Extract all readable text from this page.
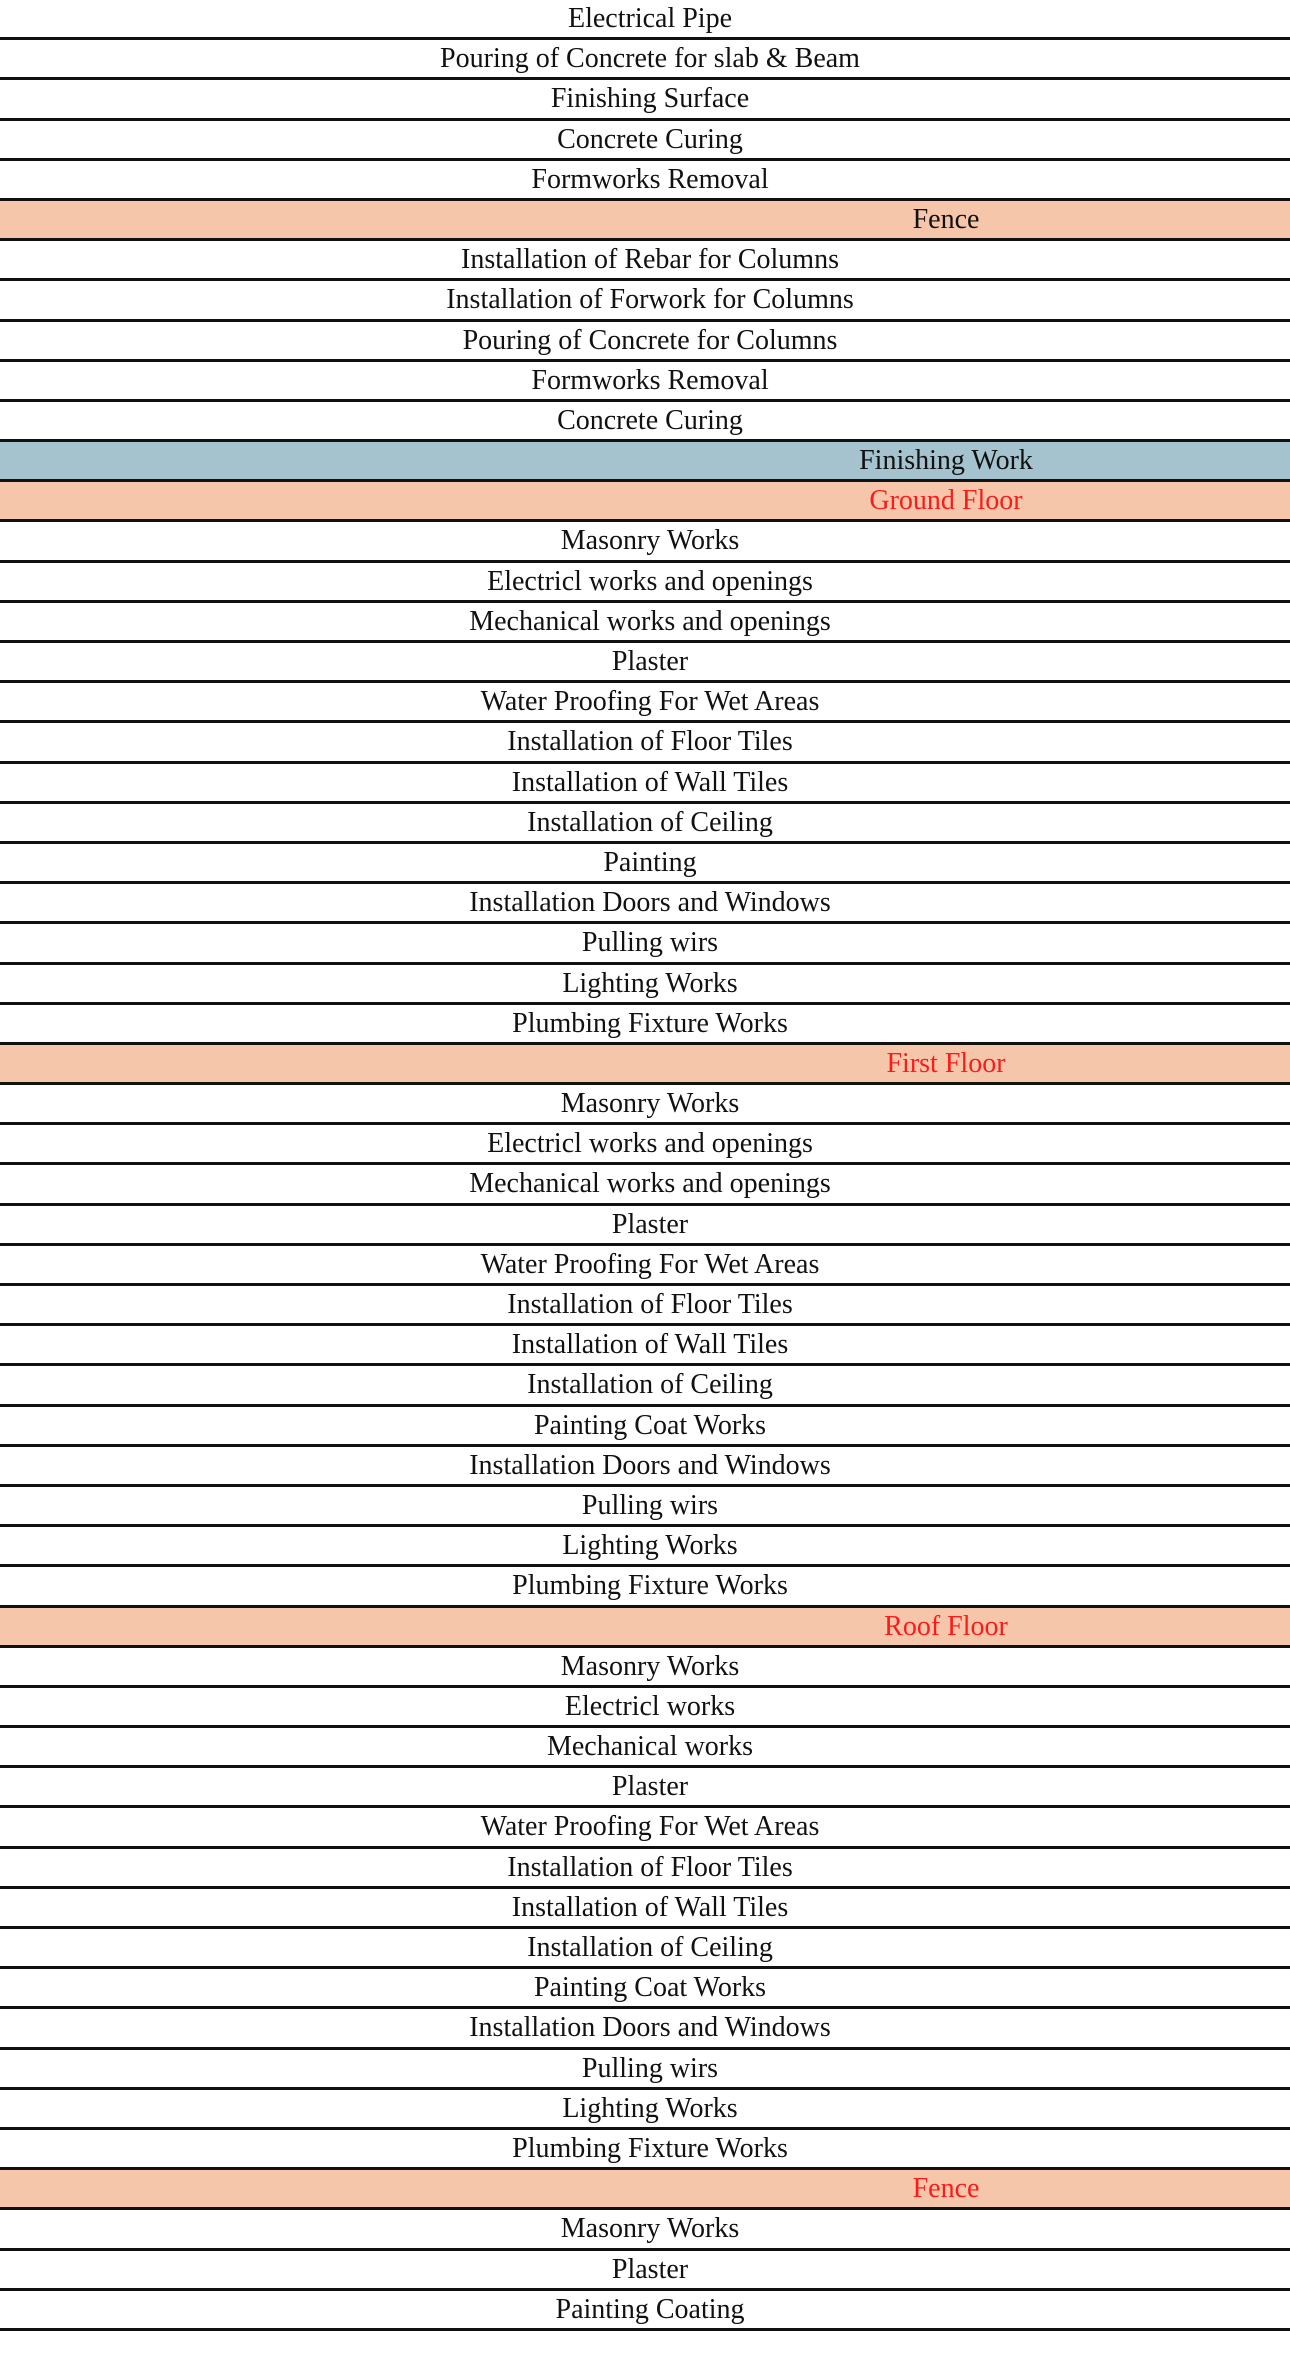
Electrical Pipe
Pouring of Concrete for slab & Beam
Finishing Surface
Concrete Curing
Formworks Removal
Fence
Installation of Rebar for Columns
Installation of Forwork for Columns
Pouring of Concrete for Columns
Formworks Removal
Concrete Curing
Finishing Work
Ground Floor
Masonry Works
Electricl works and openings
Mechanical works and openings
Plaster
Water Proofing For Wet Areas
Installation of Floor Tiles
Installation of Wall Tiles
Installation of Ceiling
Painting
Installation Doors and Windows
Pulling wirs
Lighting Works
Plumbing Fixture Works
First Floor
Masonry Works
Electricl works and openings
Mechanical works and openings
Plaster
Water Proofing For Wet Areas
Installation of Floor Tiles
Installation of Wall Tiles
Installation of Ceiling
Painting Coat Works
Installation Doors and Windows
Pulling wirs
Lighting Works
Plumbing Fixture Works
Roof Floor
Masonry Works
Electricl works
Mechanical works
Plaster
Water Proofing For Wet Areas
Installation of Floor Tiles
Installation of Wall Tiles
Installation of Ceiling
Painting Coat Works
Installation Doors and Windows
Pulling wirs
Lighting Works
Plumbing Fixture Works
Fence
Masonry Works
Plaster
Painting Coating
